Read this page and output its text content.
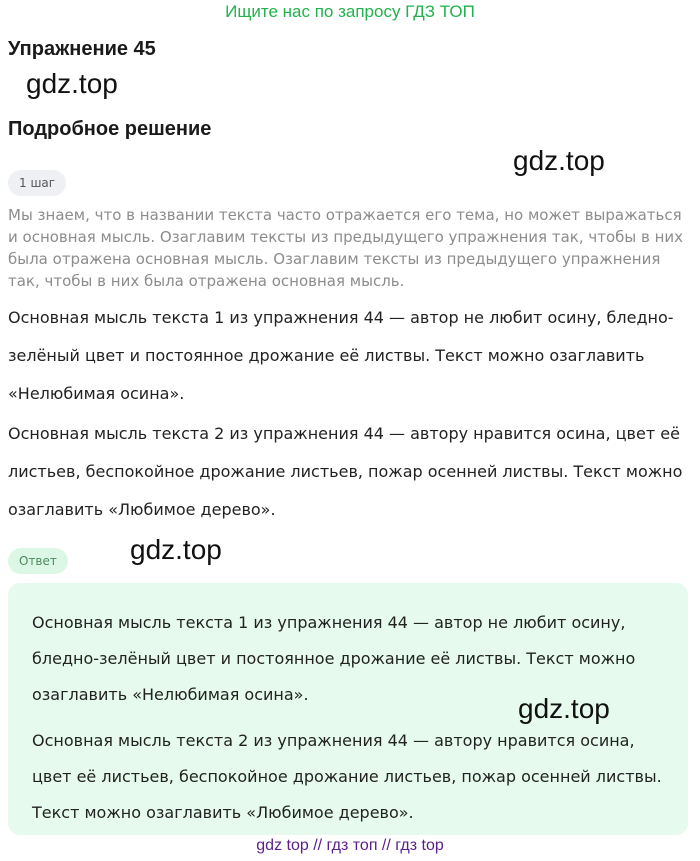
Ищите нас по запросу ГДЗ ТОП
Упражнение 45
gdz.top
Подробное решение
gdz.top
1 шаг
Мы знаем, что в названии текста часто отражается его тема, но может выражаться и основная мысль. Озаглавим тексты из предыдущего упражнения так, чтобы в них была отражена основная мысль. Озаглавим тексты из предыдущего упражнения так, чтобы в них была отражена основная мысль.
Основная мысль текста 1 из упражнения 44 — автор не любит осину, бледно-зелёный цвет и постоянное дрожание её листвы. Текст можно озаглавить «Нелюбимая осина».
Основная мысль текста 2 из упражнения 44 — автору нравится осина, цвет её листьев, беспокойное дрожание листьев, пожар осенней листвы. Текст можно озаглавить «Любимое дерево».
Ответ	gdz.top
Основная мысль текста 1 из упражнения 44 — автор не любит осину, бледно-зелёный цвет и постоянное дрожание её листвы. Текст можно озаглавить «Нелюбимая осина».
Основная мысль текста 2 из упражнения 44 — автору нравится осина, цвет её листьев, беспокойное дрожание листьев, пожар осенней листвы. Текст можно озаглавить «Любимое дерево».
gdz.top
gdz top // гдз топ // гдз top
